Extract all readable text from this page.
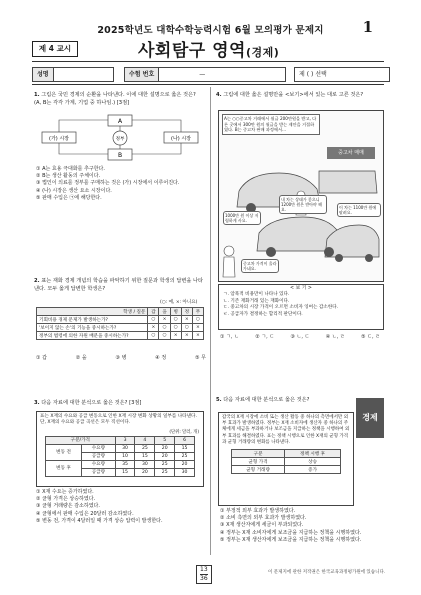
2025학년도 대학수학능력시험 6월 모의평가 문제지	1
제 4 교시	사회탐구 영역(경제)
성명	수험 번호	—	제 ( ) 선택
1. 그림은 국민 경제의 순환을 나타낸다. 이에 대한 설명으로 옳은 것은? (A, B는 각각 가계, 기업 중 하나임.) [3점]
A
B
(가) 시장	(나) 시장
정부
① A는 효용 극대화를 추구한다.
② B는 생산 활동의 주체이다.
③ 법인이 의료를 정부를 구매하는 것은 (가) 시장에서 이루어진다.
④ (나) 시장은 생산 요소 시장이다.
⑤ 판매 수입은 ㉠에 해당한다.
2. 표는 재화 경제 개념의 학습을 파악하기 위한 질문과 학생의 답변을 나타낸다. 모두 옳게 답변한 학생은?
(○: 예, ×: 아니요)
학생 / 질문	갑	을	병	정	무
기회비용 경제 문제가 발생하는가?	○	×	○	×	○
'보이지 않는 손'의 기능을 중시하는가?	×	○	○	○	×
정부의 법령에 의한 자원 배분을 중시하는가?	○	○	×	×	×
① 갑	② 을	③ 병	④ 정	⑤ 무
3. 다음 자료에 대한 분석으로 옳은 것은? [3점]
표는 X재의 수요와 공급 변동으로 인한 X재 시장 변화 상황의 일부를 나타낸다. 단, X재의 수요와 공급 곡선은 모두 직선이다.
(단위: 달러, 개)
구분/가격		3	4	5	6
변동 전	수요량	30	25	20	15
	공급량	10	15	20	25
변동 후	수요량	35	30	25	20
	공급량	15	20	25	30
① X재 수요는 증가하였다.
② 균형 가격은 상승하였다.
③ 균형 거래량은 감소하였다.
④ 균형에서 판매 수입은 20달러 감소하였다.
⑤ 변동 전, 가격이 4달러일 때 가격 상승 압력이 발생한다.
4. 그림에 대한 옳은 설명만을 <보기>에서 있는 대로 고른 것은?
A는 ○○중고차 거래에서 월급 200만원을 받고, 다른 곳에서 300만 원의 월급을 받는 제안을 거절하였다. B는 중고차 판매 과정에서...
중고차 매매
1000만 원 이상 저렴하게 사요.
내 차는 상태가 좋으니 1200만 원은 받아야 해요.	이 차는 1100만 원에 팔려요.
중고차 가격이 올라가네요.
< 보 기 >
ㄱ. 암묵적 비용만이 나타나 있다.
ㄴ. 기존 재화거래 있는 재화이다.
ㄷ. 중고차의 시장 가격이 오르면 소비자 잉여는 감소한다.
ㄹ. 공급자가 결정하는 합리적 판단이다.
① ㄱ, ㄴ	② ㄱ, ㄷ	③ ㄴ, ㄷ	④ ㄴ, ㄹ	⑤ ㄷ, ㄹ
5. 다음 자료에 대한 분석으로 옳은 것은?
경제
갑국의 X재 시장에 소비 또는 생산 활동 중 하나의 측면에서만 외부 효과가 발생하였다. 정부는 X재 소비자에 생산자 중 하나의 주체에게 세금을 부과하거나 보조금을 지급하는 정책을 시행하여 외부 효과를 해결하였다. 표는 정책 시행으로 인한 X재의 균형 가격과 균형 거래량의 변화를 나타낸다.
구분	정책 시행 후
균형 가격	상승
균형 거래량	증가
① 부정적 외부 효과가 발생하였다.
② 소비 측면의 외부 효과가 발생하였다.
③ X재 생산자에게 세금이 부과되었다.
④ 정부는 X재 소비자에게 보조금을 지급하는 정책을 시행하였다.
⑤ 정부는 X재 생산자에게 보조금을 지급하는 정책을 시행하였다.
13
36
이 문제지에 관한 저작권은 한국교육과정평가원에 있습니다.
